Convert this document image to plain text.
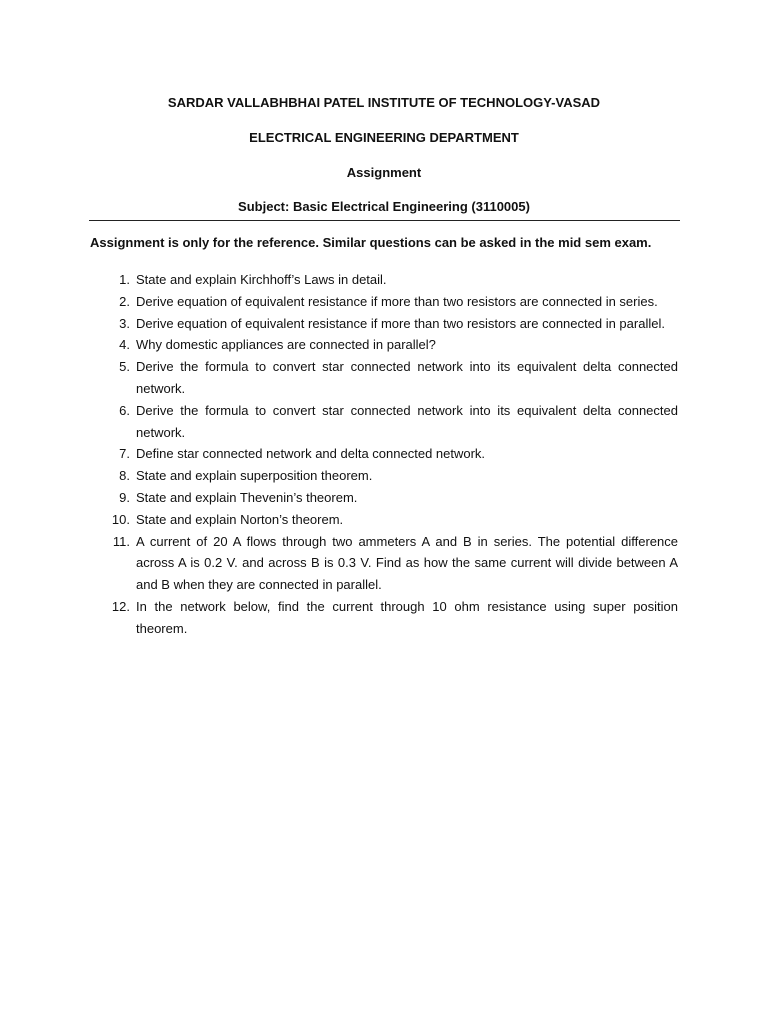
SARDAR VALLABHBHAI PATEL INSTITUTE OF TECHNOLOGY-VASAD
ELECTRICAL ENGINEERING DEPARTMENT
Assignment
Subject: Basic Electrical Engineering (3110005)
Assignment is only for the reference. Similar questions can be asked in the mid sem exam.
1. State and explain Kirchhoff’s Laws in detail.
2. Derive equation of equivalent resistance if more than two resistors are connected in series.
3. Derive equation of equivalent resistance if more than two resistors are connected in parallel.
4. Why domestic appliances are connected in parallel?
5. Derive the formula to convert star connected network into its equivalent delta connected network.
6. Derive the formula to convert star connected network into its equivalent delta connected network.
7. Define star connected network and delta connected network.
8. State and explain superposition theorem.
9. State and explain Thevenin’s theorem.
10. State and explain Norton’s theorem.
11. A current of 20 A flows through two ammeters A and B in series. The potential difference across A is 0.2 V. and across B is 0.3 V. Find as how the same current will divide between A and B when they are connected in parallel.
12. In the network below, find the current through 10 ohm resistance using super position theorem.
